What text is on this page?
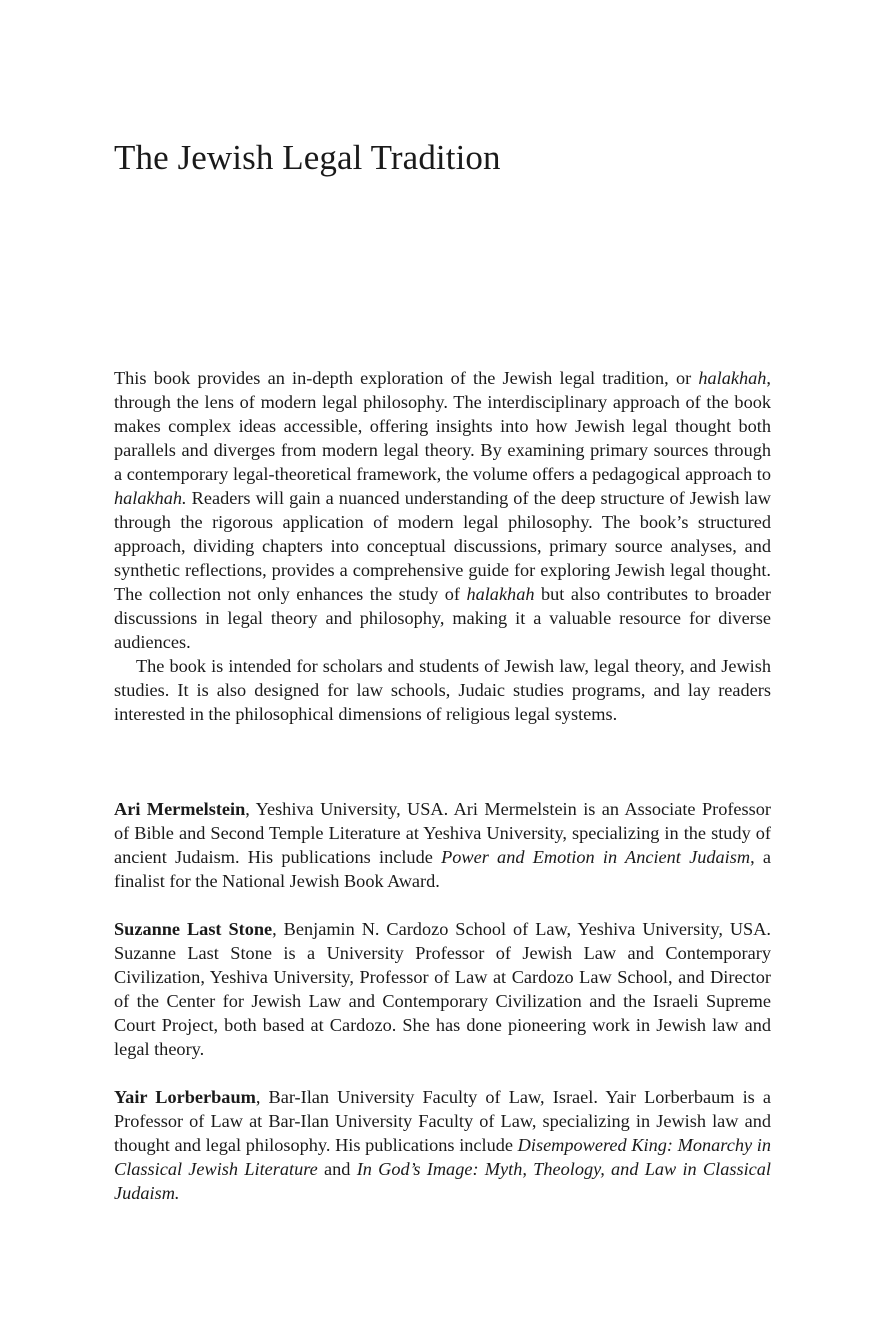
The Jewish Legal Tradition

This book provides an in-depth exploration of the Jewish legal tradition, or halakhah, through the lens of modern legal philosophy. The interdisciplinary approach of the book makes complex ideas accessible, offering insights into how Jewish legal thought both parallels and diverges from modern legal theory. By examining primary sources through a contemporary legal-theoretical framework, the volume offers a pedagogical approach to halakhah. Readers will gain a nuanced understanding of the deep structure of Jewish law through the rigorous application of modern legal philosophy. The book’s structured approach, dividing chapters into conceptual discussions, primary source analyses, and synthetic reflections, provides a comprehensive guide for exploring Jewish legal thought. The collection not only enhances the study of halakhah but also contributes to broader discussions in legal theory and philosophy, making it a valuable resource for diverse audiences.

The book is intended for scholars and students of Jewish law, legal theory, and Jewish studies. It is also designed for law schools, Judaic studies programs, and lay readers interested in the philosophical dimensions of religious legal systems.

Ari Mermelstein, Yeshiva University, USA. Ari Mermelstein is an Associate Professor of Bible and Second Temple Literature at Yeshiva University, specializing in the study of ancient Judaism. His publications include Power and Emotion in Ancient Judaism, a finalist for the National Jewish Book Award.

Suzanne Last Stone, Benjamin N. Cardozo School of Law, Yeshiva University, USA. Suzanne Last Stone is a University Professor of Jewish Law and Contemporary Civilization, Yeshiva University, Professor of Law at Cardozo Law School, and Director of the Center for Jewish Law and Contemporary Civilization and the Israeli Supreme Court Project, both based at Cardozo. She has done pioneering work in Jewish law and legal theory.

Yair Lorberbaum, Bar-Ilan University Faculty of Law, Israel. Yair Lorberbaum is a Professor of Law at Bar-Ilan University Faculty of Law, specializing in Jewish law and thought and legal philosophy. His publications include Disempowered King: Monarchy in Classical Jewish Literature and In God’s Image: Myth, Theology, and Law in Classical Judaism.
